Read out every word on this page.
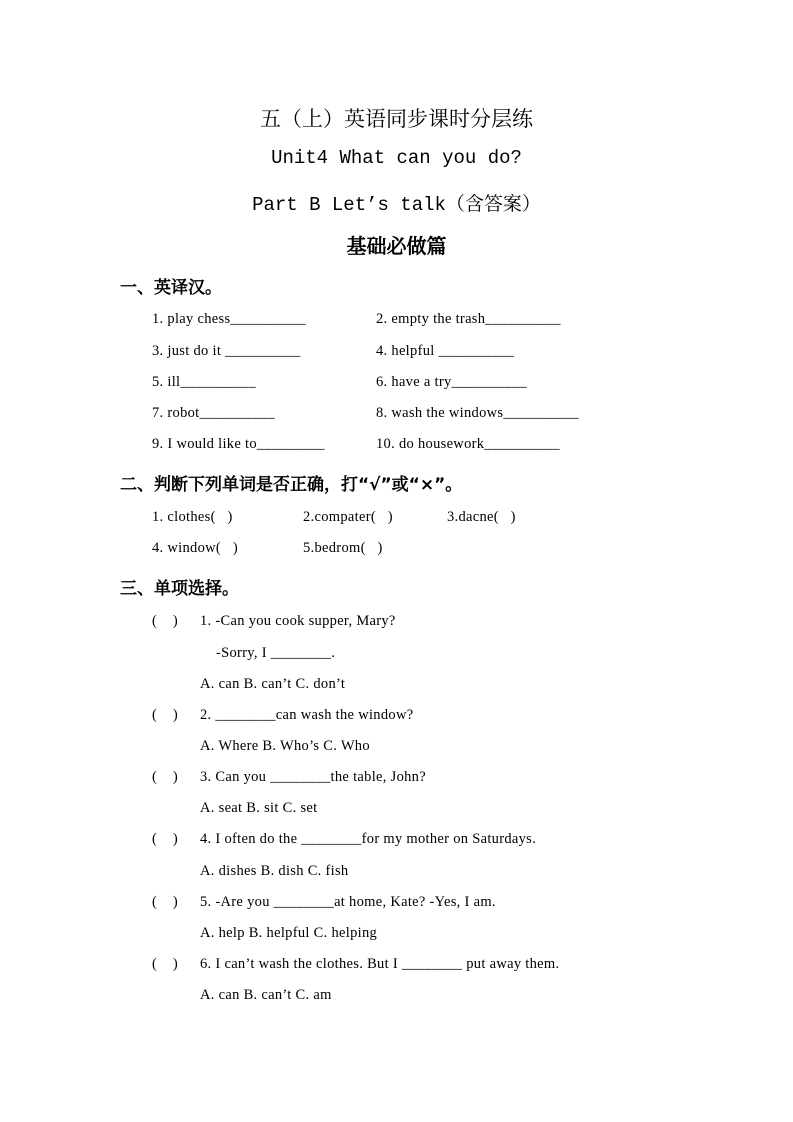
五（上）英语同步课时分层练
Unit4 What can you do?
Part B Let’s talk（含答案）
基础必做篇
一、英译汉。
1. play chess__________	2. empty the trash__________
3. just do it __________	4. helpful __________
5. ill__________	6. have a try__________
7. robot__________	8. wash the windows__________
9. I would like to_________	10. do housework__________
二、判断下列单词是否正确，打“√”或“×”。
1. clothes(   )	2.compater(   )	3.dacne(   )
4. window(   )	5.bedrom(   )
三、单项选择。
(    ) 1. -Can you cook supper, Mary?
-Sorry, I ________.
A. can B. can’t C. don’t
(    ) 2. ________can wash the window?
A. Where B. Who’s C. Who
(    ) 3. Can you ________the table, John?
A. seat B. sit C. set
(    ) 4. I often do the ________for my mother on Saturdays.
A. dishes B. dish C. fish
(    ) 5. -Are you ________at home, Kate? -Yes, I am.
A. help B. helpful C. helping
(    ) 6. I can’t wash the clothes. But I ________ put away them.
A. can B. can’t C. am
